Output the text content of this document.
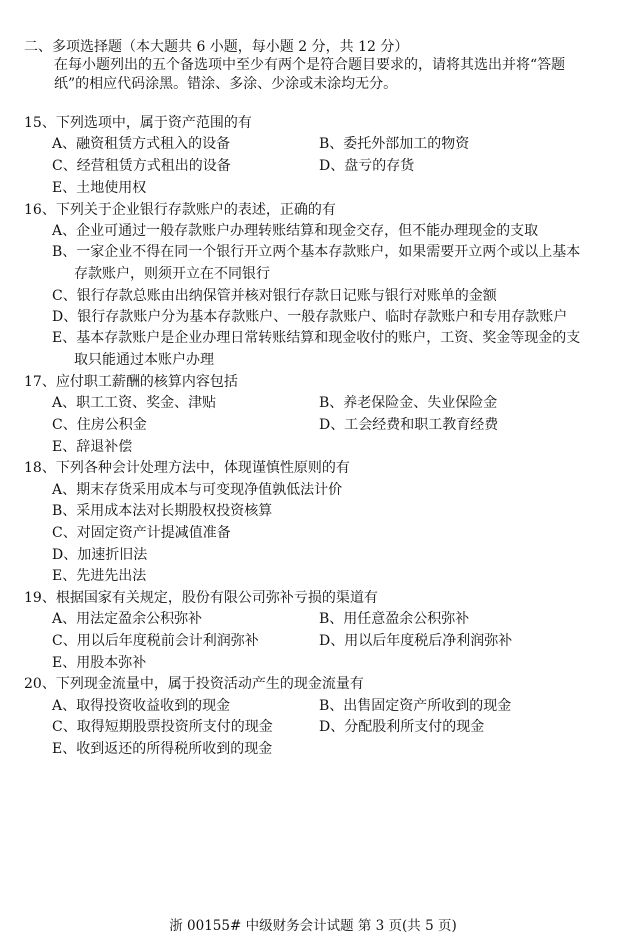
二、多项选择题（本大题共 6 小题，每小题 2 分，共 12 分）
在每小题列出的五个备选项中至少有两个是符合题目要求的，请将其选出并将“答题
纸”的相应代码涂黑。错涂、多涂、少涂或未涂均无分。
15、下列选项中，属于资产范围的有
A、融资租赁方式租入的设备	B、委托外部加工的物资
C、经营租赁方式租出的设备	D、盘亏的存货
E、土地使用权
16、下列关于企业银行存款账户的表述，正确的有
A、企业可通过一般存款账户办理转账结算和现金交存，但不能办理现金的支取
B、一家企业不得在同一个银行开立两个基本存款账户，如果需要开立两个或以上基本
存款账户，则须开立在不同银行
C、银行存款总账由出纳保管并核对银行存款日记账与银行对账单的金额
D、银行存款账户分为基本存款账户、一般存款账户、临时存款账户和专用存款账户
E、基本存款账户是企业办理日常转账结算和现金收付的账户，工资、奖金等现金的支
取只能通过本账户办理
17、应付职工薪酬的核算内容包括
A、职工工资、奖金、津贴	B、养老保险金、失业保险金
C、住房公积金	D、工会经费和职工教育经费
E、辞退补偿
18、下列各种会计处理方法中，体现谨慎性原则的有
A、期末存货采用成本与可变现净值孰低法计价
B、采用成本法对长期股权投资核算
C、对固定资产计提减值准备
D、加速折旧法
E、先进先出法
19、根据国家有关规定，股份有限公司弥补亏损的渠道有
A、用法定盈余公积弥补	B、用任意盈余公积弥补
C、用以后年度税前会计利润弥补	D、用以后年度税后净利润弥补
E、用股本弥补
20、下列现金流量中，属于投资活动产生的现金流量有
A、取得投资收益收到的现金	B、出售固定资产所收到的现金
C、取得短期股票投资所支付的现金	D、分配股利所支付的现金
E、收到返还的所得税所收到的现金
浙 00155# 中级财务会计试题 第 3 页(共 5 页)
